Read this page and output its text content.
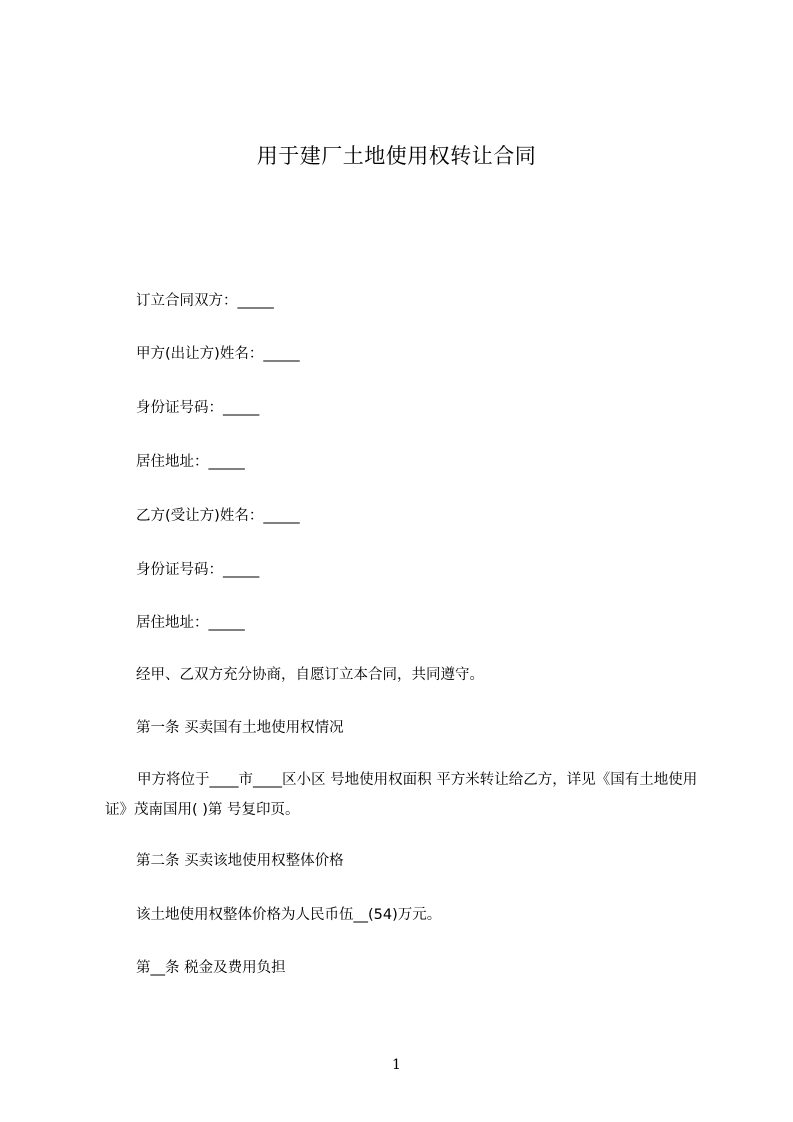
用于建厂土地使用权转让合同
订立合同双方：_____
甲方(出让方)姓名：_____
身份证号码：_____
居住地址：_____
乙方(受让方)姓名：_____
身份证号码：_____
居住地址：_____
经甲、乙双方充分协商，自愿订立本合同，共同遵守。
第一条 买卖国有土地使用权情况
甲方将位于____市____区小区 号地使用权面积 平方米转让给乙方，详见《国有土地使用证》茂南国用( )第 号复印页。
第二条 买卖该地使用权整体价格
该土地使用权整体价格为人民币伍__(54)万元。
第__条 税金及费用负担
1
